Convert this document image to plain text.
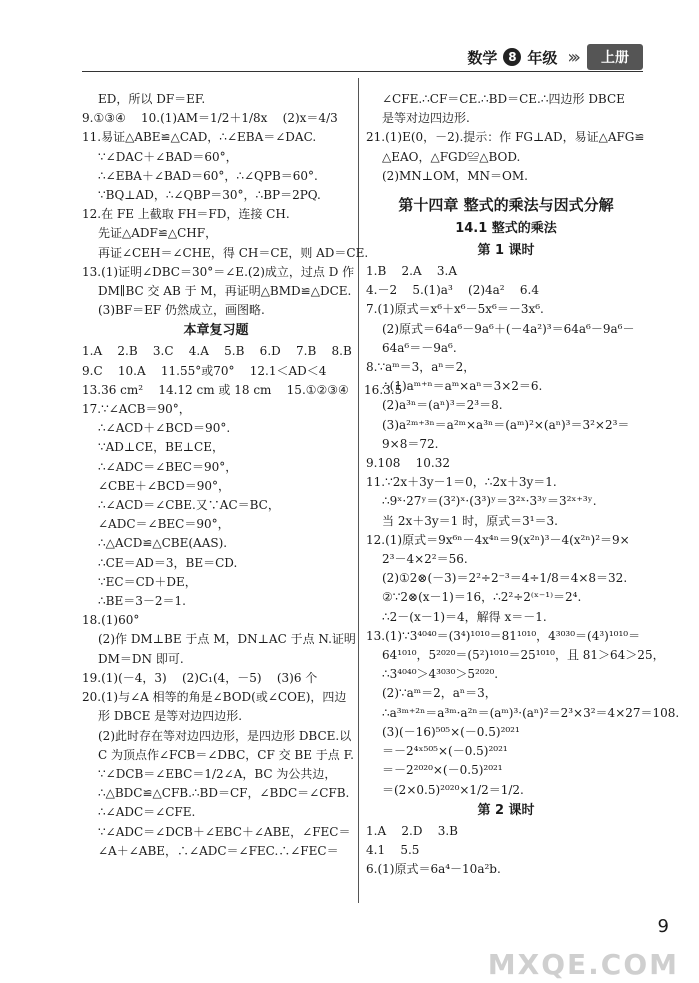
数学 8 年级 ›››	上册
ED，所以 DF＝EF.
9.①③④    10.(1)AM＝1/2＋1/8x    (2)x＝4/3
11.易证△ABE≌△CAD，∴∠EBA＝∠DAC.
∵∠DAC＋∠BAD＝60°，
∴∠EBA＋∠BAD＝60°，∴∠QPB＝60°.
∵BQ⊥AD，∴∠QBP＝30°，∴BP＝2PQ.
12.在 FE 上截取 FH＝FD，连接 CH.
先证△ADF≌△CHF，
再证∠CEH＝∠CHE，得 CH＝CE，则 AD＝CE.
13.(1)证明∠DBC＝30°＝∠E.(2)成立，过点 D 作
DM∥BC 交 AB 于 M，再证明△BMD≌△DCE.
(3)BF＝EF 仍然成立，画图略.
本章复习题
1.A    2.B    3.C    4.A    5.B    6.D    7.B    8.B
9.C    10.A    11.55°或70°    12.1＜AD＜4
13.36 cm²    14.12 cm 或 18 cm    15.①②③④    16.3.5
17.∵∠ACB＝90°，
∴∠ACD＋∠BCD＝90°.
∵AD⊥CE，BE⊥CE，
∴∠ADC＝∠BEC＝90°，
∠CBE＋∠BCD＝90°，
∴∠ACD＝∠CBE.又∵AC＝BC，
∠ADC＝∠BEC＝90°，
∴△ACD≌△CBE(AAS).
∴CE＝AD＝3，BE＝CD.
∵EC＝CD＋DE，
∴BE＝3－2＝1.
18.(1)60°
(2)作 DM⊥BE 于点 M，DN⊥AC 于点 N.证明
DM＝DN 即可.
19.(1)(－4，3)    (2)C₁(4，－5)    (3)6 个
20.(1)与∠A 相等的角是∠BOD(或∠COE)，四边
形 DBCE 是等对边四边形.
(2)此时存在等对边四边形，是四边形 DBCE.以
C 为顶点作∠FCB＝∠DBC，CF 交 BE 于点 F.
∵∠DCB＝∠EBC＝1/2∠A，BC 为公共边，
∴△BDC≌△CFB.∴BD＝CF，∠BDC＝∠CFB.
∴∠ADC＝∠CFE.
∵∠ADC＝∠DCB＋∠EBC＋∠ABE，∠FEC＝
∠A＋∠ABE，∴∠ADC＝∠FEC.∴∠FEC＝
∠CFE.∴CF＝CE.∴BD＝CE.∴四边形 DBCE
是等对边四边形.
21.(1)E(0，－2).提示：作 FG⊥AD，易证△AFG≌
△EAO，△FGD≌△BOD.
(2)MN⊥OM，MN＝OM.
第十四章 整式的乘法与因式分解
14.1 整式的乘法
第 1 课时
1.B    2.A    3.A
4.－2    5.(1)a³    (2)4a²    6.4
7.(1)原式＝x⁶＋x⁶－5x⁶＝－3x⁶.
(2)原式＝64a⁶－9a⁶＋(－4a²)³＝64a⁶－9a⁶－
64a⁶＝－9a⁶.
8.∵aᵐ＝3，aⁿ＝2，
∴(1)aᵐ⁺ⁿ＝aᵐ×aⁿ＝3×2＝6.
(2)a³ⁿ＝(aⁿ)³＝2³＝8.
(3)a²ᵐ⁺³ⁿ＝a²ᵐ×a³ⁿ＝(aᵐ)²×(aⁿ)³＝3²×2³＝
9×8＝72.
9.108    10.32
11.∵2x＋3y－1＝0，∴2x＋3y＝1.
∴9ˣ·27ʸ＝(3²)ˣ·(3³)ʸ＝3²ˣ·3³ʸ＝3²ˣ⁺³ʸ.
当 2x＋3y＝1 时，原式＝3¹＝3.
12.(1)原式＝9x⁶ⁿ－4x⁴ⁿ＝9(x²ⁿ)³－4(x²ⁿ)²＝9×
2³－4×2²＝56.
(2)①2⊗(－3)＝2²÷2⁻³＝4÷1/8＝4×8＝32.
②∵2⊗(x－1)＝16，∴2²÷2⁽ˣ⁻¹⁾＝2⁴.
∴2－(x－1)＝4，解得 x＝－1.
13.(1)∵3⁴⁰⁴⁰＝(3⁴)¹⁰¹⁰＝81¹⁰¹⁰，4³⁰³⁰＝(4³)¹⁰¹⁰＝
64¹⁰¹⁰，5²⁰²⁰＝(5²)¹⁰¹⁰＝25¹⁰¹⁰，且 81＞64＞25，
∴3⁴⁰⁴⁰＞4³⁰³⁰＞5²⁰²⁰.
(2)∵aᵐ＝2，aⁿ＝3，
∴a³ᵐ⁺²ⁿ＝a³ᵐ·a²ⁿ＝(aᵐ)³·(aⁿ)²＝2³×3²＝4×27＝108.
(3)(－16)⁵⁰⁵×(－0.5)²⁰²¹
＝－2⁴ˣ⁵⁰⁵×(－0.5)²⁰²¹
＝－2²⁰²⁰×(－0.5)²⁰²¹
＝(2×0.5)²⁰²⁰×1/2＝1/2.
第 2 课时
1.A    2.D    3.B
4.1    5.5
6.(1)原式＝6a⁴－10a²b.
9
MXQE.COM
